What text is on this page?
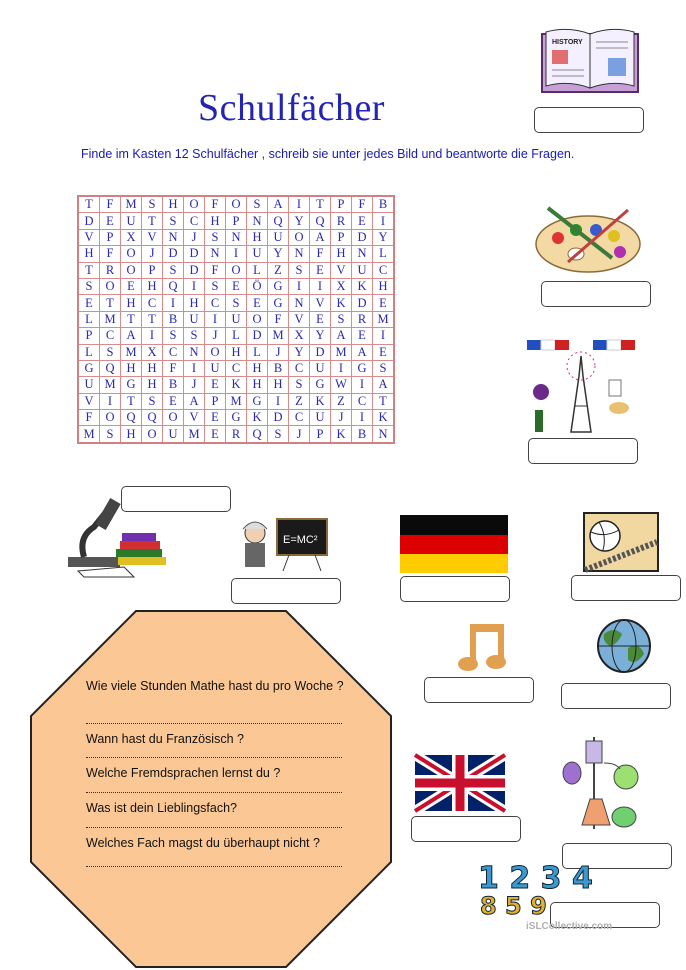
Schulfächer
Finde im Kasten 12 Schulfächer , schreib sie unter jedes Bild und beantworte die Fragen.
T	F	M	S	H	O	F	O	S	A	I	T	P	F	B
D	E	U	T	S	C	H	P	N	Q	Y	Q	R	E	I
V	P	X	V	N	J	S	N	H	U	O	A	P	D	Y
H	F	O	J	D	D	N	I	U	Y	N	F	H	N	L
T	R	O	P	S	D	F	O	L	Z	S	E	V	U	C
S	O	E	H	Q	I	S	E	Ö	G	I	I	X	K	H
E	T	H	C	I	H	C	S	E	G	N	V	K	D	E
L	M	T	T	B	U	I	U	O	F	V	E	S	R	M
P	C	A	I	S	S	J	L	D	M	X	Y	A	E	I
L	S	M	X	C	N	O	H	L	J	Y	D	M	A	E
G	Q	H	H	F	I	U	C	H	B	C	U	I	G	S
U	M	G	H	B	J	E	K	H	H	S	G	W	I	A
V	I	T	S	E	A	P	M	G	I	Z	K	Z	C	T
F	O	Q	Q	O	V	E	G	K	D	C	U	J	I	K
M	S	H	O	U	M	E	R	Q	S	J	P	K	B	N
HISTORY
E=MC²
Wie viele Stunden Mathe hast du pro Woche ?
Wann hast du Französisch ?
Welche Fremdsprachen lernst du ?
Was ist dein Lieblingsfach?
Welches Fach magst du überhaupt nicht ?
1 2 3 4
8 5 9
iSLCollective.com
